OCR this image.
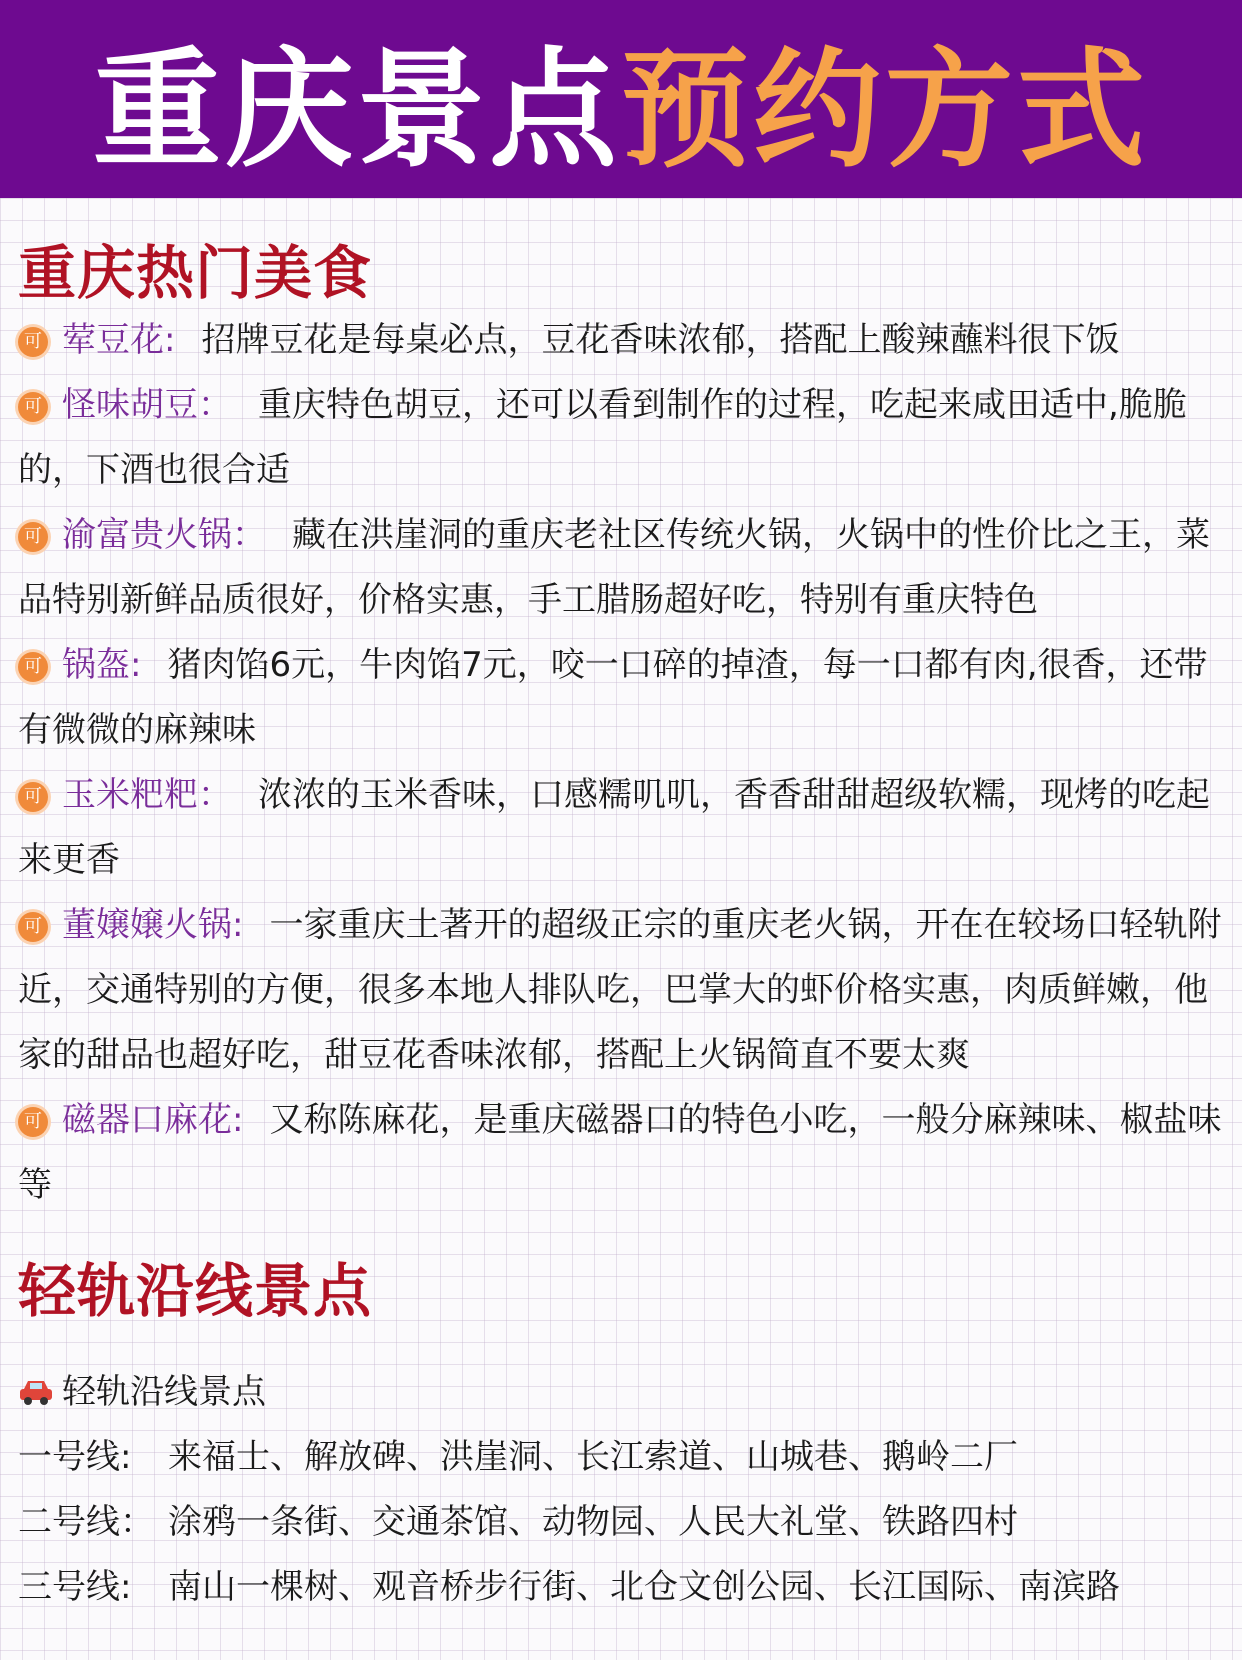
重庆景点预约方式
重庆热门美食

可 荤豆花: 招牌豆花是每桌必点，豆花香味浓郁，搭配上酸辣蘸料很下饭

可 怪味胡豆： 重庆特色胡豆，还可以看到制作的过程，吃起来咸田适中,脆脆的，下酒也很合适

可 渝富贵火锅： 藏在洪崖洞的重庆老社区传统火锅，火锅中的性价比之王，菜品特别新鲜品质很好，价格实惠，手工腊肠超好吃，特别有重庆特色

可 锅盔: 猪肉馅6元，牛肉馅7元，咬一口碎的掉渣，每一口都有肉,很香，还带有微微的麻辣味

可 玉米粑粑： 浓浓的玉米香味，口感糯叽叽，香香甜甜超级软糯，现烤的吃起来更香

可 董嬢嬢火锅: 一家重庆土著开的超级正宗的重庆老火锅，开在在较场口轻轨附近，交通特别的方便，很多本地人排队吃，巴掌大的虾价格实惠，肉质鲜嫩，他家的甜品也超好吃，甜豆花香味浓郁，搭配上火锅简直不要太爽

可 磁器口麻花: 又称陈麻花，是重庆磁器口的特色小吃，一般分麻辣味、椒盐味等

轻轨沿线景点
轻轨沿线景点
一号线: 来福士、解放碑、洪崖洞、长江索道、山城巷、鹅岭二厂
二号线： 涂鸦一条街、交通茶馆、动物园、人民大礼堂、铁路四村
三号线: 南山一棵树、观音桥步行街、北仓文创公园、长江国际、南滨路
